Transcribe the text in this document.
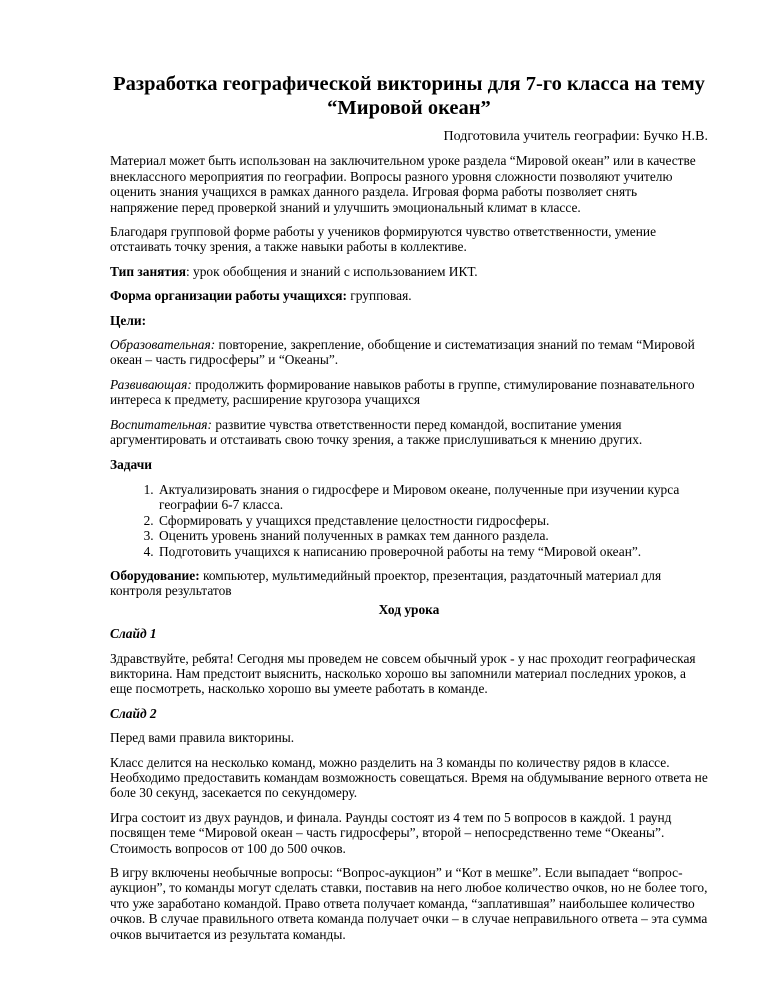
Разработка географической викторины для 7-го класса на тему “Мировой океан”

Подготовила учитель географии: Бучко Н.В.

Материал может быть использован на заключительном уроке раздела “Мировой океан” или в качестве внеклассного мероприятия по географии. Вопросы разного уровня сложности позволяют учителю оценить знания учащихся в рамках данного раздела. Игровая форма работы позволяет снять напряжение перед проверкой знаний и улучшить эмоциональный климат в классе.

Благодаря групповой форме работы у учеников формируются чувство ответственности, умение отстаивать точку зрения, а также навыки работы в коллективе.

Тип занятия: урок обобщения и знаний с использованием ИКТ.

Форма организации работы учащихся: групповая.

Цели:

Образовательная: повторение, закрепление, обобщение и систематизация знаний по темам “Мировой океан – часть гидросферы” и “Океаны”.

Развивающая: продолжить формирование навыков работы в группе, стимулирование познавательного интереса к предмету, расширение кругозора учащихся

Воспитательная: развитие чувства ответственности перед командой, воспитание умения аргументировать и отстаивать свою точку зрения, а также прислушиваться к мнению других.

Задачи

1. Актуализировать знания о гидросфере и Мировом океане, полученные при изучении курса географии 6-7 класса.
2. Сформировать у учащихся представление целостности гидросферы.
3. Оценить уровень знаний полученных в рамках тем данного раздела.
4. Подготовить учащихся к написанию проверочной работы на тему “Мировой океан”.

Оборудование: компьютер, мультимедийный проектор, презентация, раздаточный материал для контроля результатов

Ход урока

Слайд 1

Здравствуйте, ребята! Сегодня мы проведем не совсем обычный урок - у нас проходит географическая викторина. Нам предстоит выяснить, насколько хорошо вы запомнили материал последних уроков, а еще посмотреть, насколько хорошо вы умеете работать в команде.

Слайд 2

Перед вами правила викторины.

Класс делится на несколько команд, можно разделить на 3 команды по количеству рядов в классе. Необходимо предоставить командам возможность совещаться. Время на обдумывание верного ответа не боле 30 секунд, засекается по секундомеру.

Игра состоит из двух раундов, и финала. Раунды состоят из 4 тем по 5 вопросов в каждой. 1 раунд посвящен теме “Мировой океан – часть гидросферы”, второй – непосредственно теме “Океаны”. Стоимость вопросов от 100 до 500 очков.

В игру включены необычные вопросы: “Вопрос-аукцион” и “Кот в мешке”. Если выпадает “вопрос-аукцион”, то команды могут сделать ставки, поставив на него любое количество очков, но не более того, что уже заработано командой. Право ответа получает команда, “заплатившая” наибольшее количество очков. В случае правильного ответа команда получает очки – в случае неправильного ответа – эта сумма очков вычитается из результата команды.
